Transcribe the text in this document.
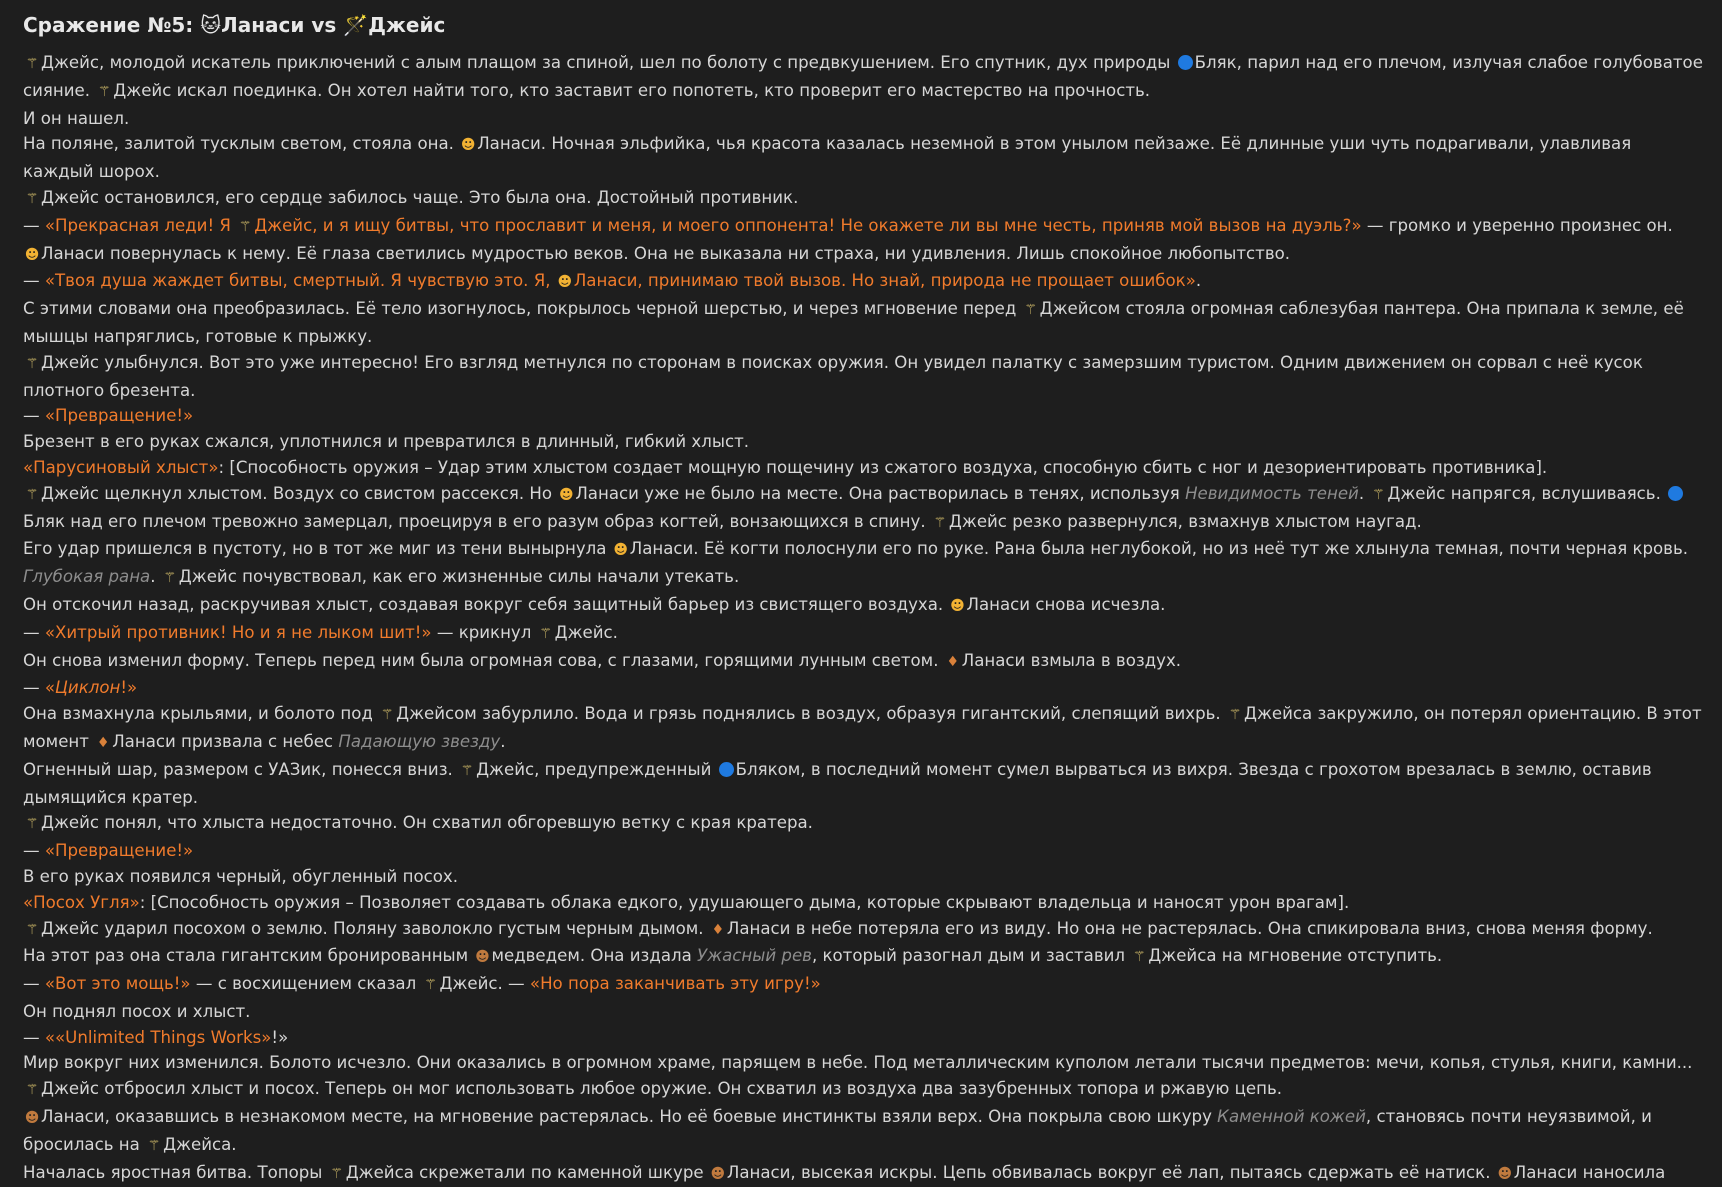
Сражение №5: 🐱Ланаси vs 🪄Джейс

⚚ Джейс, молодой искатель приключений с алым плащом за спиной, шел по болоту с предвкушением. Его спутник, дух природы Бляк, парил над его плечом, излучая слабое голубоватое сияние. ⚚ Джейс искал поединка. Он хотел найти того, кто заставит его попотеть, кто проверит его мастерство на прочность.

И он нашел.

На поляне, залитой тусклым светом, стояла она. ☻ Ланаси. Ночная эльфийка, чья красота казалась неземной в этом унылом пейзаже. Её длинные уши чуть подрагивали, улавливая каждый шорох.

⚚ Джейс остановился, его сердце забилось чаще. Это была она. Достойный противник.

— «Прекрасная леди! Я ⚚ Джейс, и я ищу битвы, что прославит и меня, и моего оппонента! Не окажете ли вы мне честь, приняв мой вызов на дуэль?» — громко и уверенно произнес он.

☻ Ланаси повернулась к нему. Её глаза светились мудростью веков. Она не выказала ни страха, ни удивления. Лишь спокойное любопытство.

— «Твоя душа жаждет битвы, смертный. Я чувствую это. Я, ☻ Ланаси, принимаю твой вызов. Но знай, природа не прощает ошибок».

С этими словами она преобразилась. Её тело изогнулось, покрылось черной шерстью, и через мгновение перед ⚚ Джейсом стояла огромная саблезубая пантера. Она припала к земле, её мышцы напряглись, готовые к прыжку.

⚚ Джейс улыбнулся. Вот это уже интересно! Его взгляд метнулся по сторонам в поисках оружия. Он увидел палатку с замерзшим туристом. Одним движением он сорвал с неё кусок плотного брезента.

— «Превращение!»

Брезент в его руках сжался, уплотнился и превратился в длинный, гибкий хлыст.

«Парусиновый хлыст»: [Способность оружия – Удар этим хлыстом создает мощную пощечину из сжатого воздуха, способную сбить с ног и дезориентировать противника].

⚚ Джейс щелкнул хлыстом. Воздух со свистом рассекся. Но ☻ Ланаси уже не было на месте. Она растворилась в тенях, используя Невидимость теней. ⚚ Джейс напрягся, вслушиваясь. Бляк над его плечом тревожно замерцал, проецируя в его разум образ когтей, вонзающихся в спину. ⚚ Джейс резко развернулся, взмахнув хлыстом наугад.

Его удар пришелся в пустоту, но в тот же миг из тени вынырнула ☻ Ланаси. Её когти полоснули его по руке. Рана была неглубокой, но из неё тут же хлынула темная, почти черная кровь. Глубокая рана. ⚚ Джейс почувствовал, как его жизненные силы начали утекать.

Он отскочил назад, раскручивая хлыст, создавая вокруг себя защитный барьер из свистящего воздуха. ☻ Ланаси снова исчезла.

— «Хитрый противник! Но и я не лыком шит!» — крикнул ⚚ Джейс.

Он снова изменил форму. Теперь перед ним была огромная сова, с глазами, горящими лунным светом. ♦ Ланаси взмыла в воздух.

— «Циклон!»

Она взмахнула крыльями, и болото под ⚚ Джейсом забурлило. Вода и грязь поднялись в воздух, образуя гигантский, слепящий вихрь. ⚚ Джейса закружило, он потерял ориентацию. В этот момент ♦ Ланаси призвала с небес Падающую звезду.

Огненный шар, размером с УАЗик, понесся вниз. ⚚ Джейс, предупрежденный Бляком, в последний момент сумел вырваться из вихря. Звезда с грохотом врезалась в землю, оставив дымящийся кратер.

⚚ Джейс понял, что хлыста недостаточно. Он схватил обгоревшую ветку с края кратера.

— «Превращение!»

В его руках появился черный, обугленный посох.

«Посох Угля»: [Способность оружия – Позволяет создавать облака едкого, удушающего дыма, которые скрывают владельца и наносят урон врагам].

⚚ Джейс ударил посохом о землю. Поляну заволокло густым черным дымом. ♦ Ланаси в небе потеряла его из виду. Но она не растерялась. Она спикировала вниз, снова меняя форму.

На этот раз она стала гигантским бронированным ☻ медведем. Она издала Ужасный рев, который разогнал дым и заставил ⚚ Джейса на мгновение отступить.

— «Вот это мощь!» — с восхищением сказал ⚚ Джейс. — «Но пора заканчивать эту игру!»

Он поднял посох и хлыст.

— ««Unlimited Things Works»!»

Мир вокруг них изменился. Болото исчезло. Они оказались в огромном храме, парящем в небе. Под металлическим куполом летали тысячи предметов: мечи, копья, стулья, книги, камни...

⚚ Джейс отбросил хлыст и посох. Теперь он мог использовать любое оружие. Он схватил из воздуха два зазубренных топора и ржавую цепь.

☻ Ланаси, оказавшись в незнакомом месте, на мгновение растерялась. Но её боевые инстинкты взяли верх. Она покрыла свою шкуру Каменной кожей, становясь почти неуязвимой, и бросилась на ⚚ Джейса.

Началась яростная битва. Топоры ⚚ Джейса скрежетали по каменной шкуре ☻ Ланаси, высекая искры. Цепь обвивалась вокруг её лап, пытаясь сдержать её натиск. ☻ Ланаси наносила
